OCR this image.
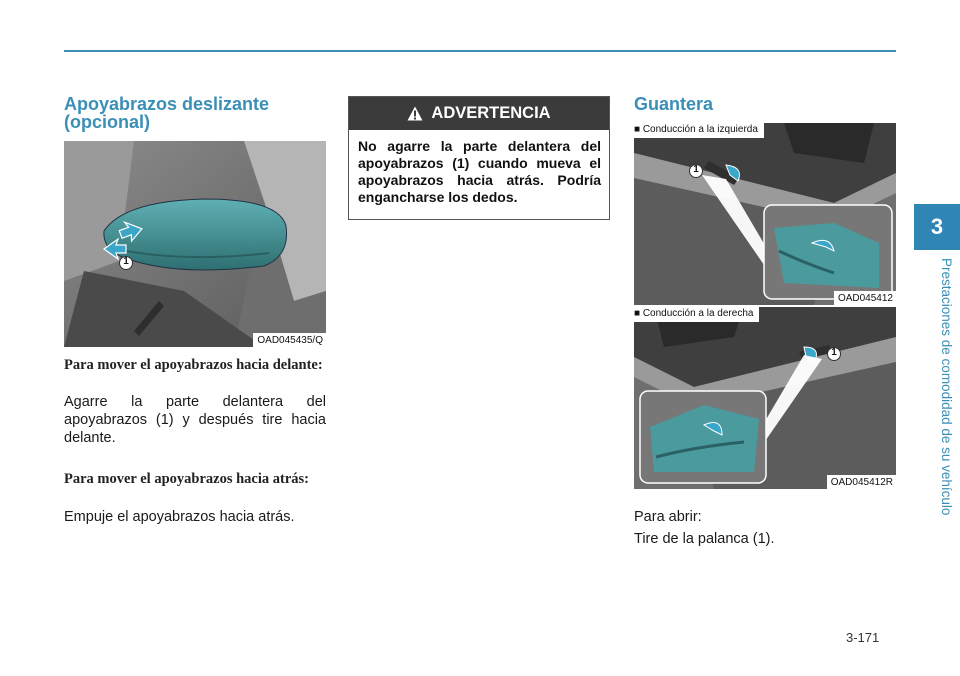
3
Prestaciones de comodidad de su vehículo
Apoyabrazos deslizante (opcional)
1
OAD045435/Q
Para mover el apoyabrazos hacia delante:
Agarre la parte delantera del apoyabrazos (1) y después tire hacia delante.
Para mover el apoyabrazos hacia atrás:
Empuje el apoyabrazos hacia atrás.
ADVERTENCIA
No agarre la parte delantera del apoyabrazos (1) cuando mueva el apoyabrazos hacia atrás. Podría engancharse los dedos.
Guantera
1
■ Conducción a la izquierda
OAD045412
1
■ Conducción a la derecha
OAD045412R
Para abrir:
Tire de la palanca (1).
3-171
